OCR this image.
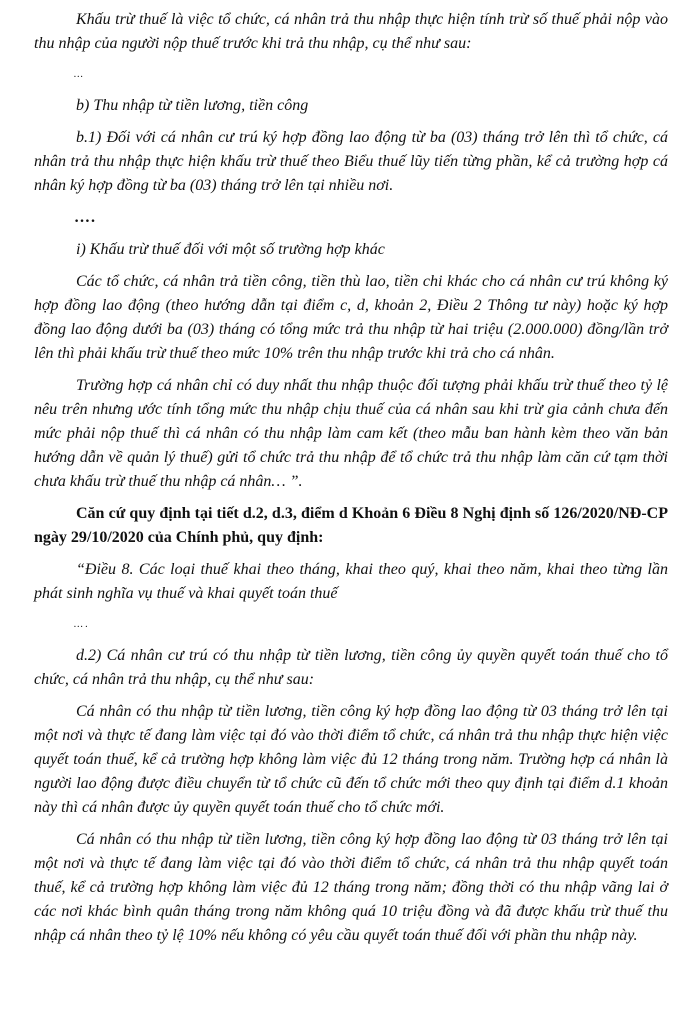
Khấu trừ thuế là việc tổ chức, cá nhân trả thu nhập thực hiện tính trừ số thuế phải nộp vào thu nhập của người nộp thuế trước khi trả thu nhập, cụ thể như sau:

…

b) Thu nhập từ tiền lương, tiền công

b.1) Đối với cá nhân cư trú ký hợp đồng lao động từ ba (03) tháng trở lên thì tổ chức, cá nhân trả thu nhập thực hiện khấu trừ thuế theo Biểu thuế lũy tiến từng phần, kể cả trường hợp cá nhân ký hợp đồng từ ba (03) tháng trở lên tại nhiều nơi.

….

i) Khấu trừ thuế đối với một số trường hợp khác

Các tổ chức, cá nhân trả tiền công, tiền thù lao, tiền chi khác cho cá nhân cư trú không ký hợp đồng lao động (theo hướng dẫn tại điểm c, d, khoản 2, Điều 2 Thông tư này) hoặc ký hợp đồng lao động dưới ba (03) tháng có tổng mức trả thu nhập từ hai triệu (2.000.000) đồng/lần trở lên thì phải khấu trừ thuế theo mức 10% trên thu nhập trước khi trả cho cá nhân.

Trường hợp cá nhân chỉ có duy nhất thu nhập thuộc đối tượng phải khấu trừ thuế theo tỷ lệ nêu trên nhưng ước tính tổng mức thu nhập chịu thuế của cá nhân sau khi trừ gia cảnh chưa đến mức phải nộp thuế thì cá nhân có thu nhập làm cam kết (theo mẫu ban hành kèm theo văn bản hướng dẫn về quản lý thuế) gửi tổ chức trả thu nhập để tổ chức trả thu nhập làm căn cứ tạm thời chưa khấu trừ thuế thu nhập cá nhân… ”.

Căn cứ quy định tại tiết d.2, d.3, điểm d Khoản 6 Điều 8 Nghị định số 126/2020/NĐ-CP ngày 29/10/2020 của Chính phủ, quy định:

“Điều 8. Các loại thuế khai theo tháng, khai theo quý, khai theo năm, khai theo từng lần phát sinh nghĩa vụ thuế và khai quyết toán thuế

… .

d.2) Cá nhân cư trú có thu nhập từ tiền lương, tiền công ủy quyền quyết toán thuế cho tổ chức, cá nhân trả thu nhập, cụ thể như sau:

Cá nhân có thu nhập từ tiền lương, tiền công ký hợp đồng lao động từ 03 tháng trở lên tại một nơi và thực tế đang làm việc tại đó vào thời điểm tổ chức, cá nhân trả thu nhập thực hiện việc quyết toán thuế, kể cả trường hợp không làm việc đủ 12 tháng trong năm. Trường hợp cá nhân là người lao động được điều chuyển từ tổ chức cũ đến tổ chức mới theo quy định tại điểm d.1 khoản này thì cá nhân được ủy quyền quyết toán thuế cho tổ chức mới.

Cá nhân có thu nhập từ tiền lương, tiền công ký hợp đồng lao động từ 03 tháng trở lên tại một nơi và thực tế đang làm việc tại đó vào thời điểm tổ chức, cá nhân trả thu nhập quyết toán thuế, kể cả trường hợp không làm việc đủ 12 tháng trong năm; đồng thời có thu nhập vãng lai ở các nơi khác bình quân tháng trong năm không quá 10 triệu đồng và đã được khấu trừ thuế thu nhập cá nhân theo tỷ lệ 10% nếu không có yêu cầu quyết toán thuế đối với phần thu nhập này.
